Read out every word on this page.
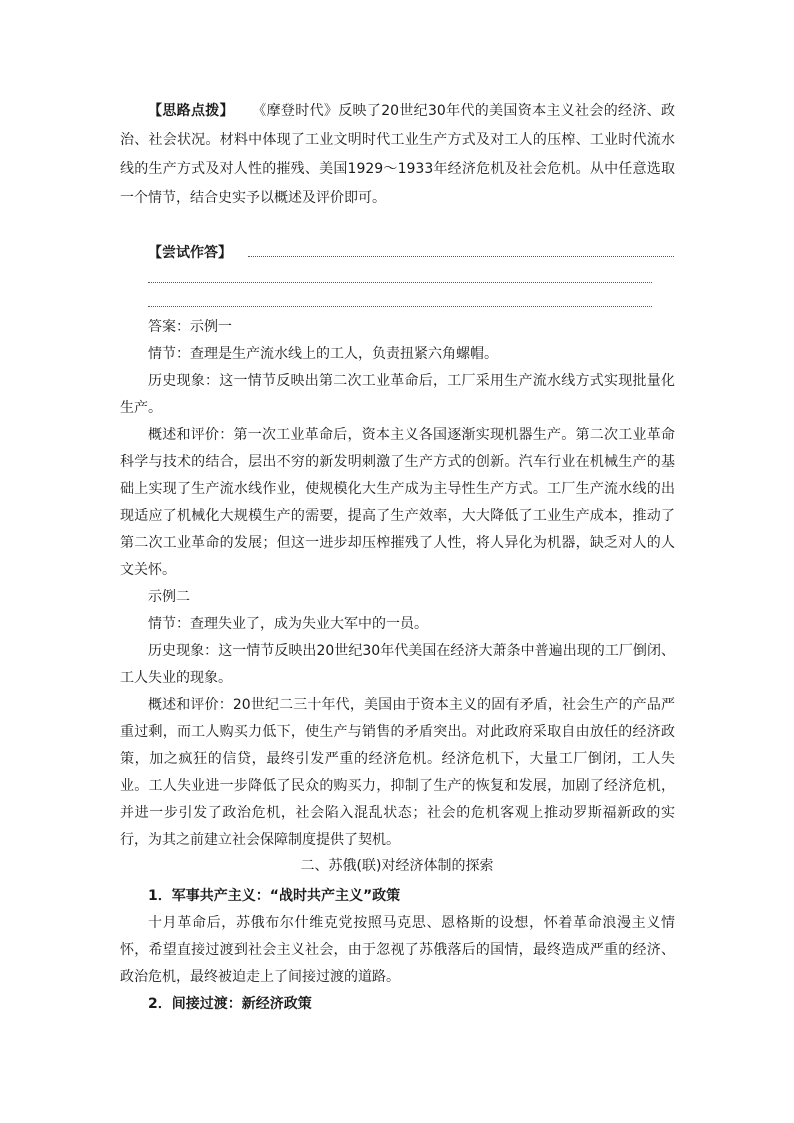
【思路点拨】 《摩登时代》反映了20世纪30年代的美国资本主义社会的经济、政治、社会状况。材料中体现了工业文明时代工业生产方式及对工人的压榨、工业时代流水线的生产方式及对人性的摧残、美国1929～1933年经济危机及社会危机。从中任意选取一个情节，结合史实予以概述及评价即可。

【尝试作答】

答案：示例一

情节：查理是生产流水线上的工人，负责扭紧六角螺帽。

历史现象：这一情节反映出第二次工业革命后，工厂采用生产流水线方式实现批量化生产。

概述和评价：第一次工业革命后，资本主义各国逐渐实现机器生产。第二次工业革命科学与技术的结合，层出不穷的新发明刺激了生产方式的创新。汽车行业在机械生产的基础上实现了生产流水线作业，使规模化大生产成为主导性生产方式。工厂生产流水线的出现适应了机械化大规模生产的需要，提高了生产效率，大大降低了工业生产成本，推动了第二次工业革命的发展；但这一进步却压榨摧残了人性，将人异化为机器，缺乏对人的人文关怀。

示例二

情节：查理失业了，成为失业大军中的一员。

历史现象：这一情节反映出20世纪30年代美国在经济大萧条中普遍出现的工厂倒闭、工人失业的现象。

概述和评价：20世纪二三十年代，美国由于资本主义的固有矛盾，社会生产的产品严重过剩，而工人购买力低下，使生产与销售的矛盾突出。对此政府采取自由放任的经济政策，加之疯狂的信贷，最终引发严重的经济危机。经济危机下，大量工厂倒闭，工人失业。工人失业进一步降低了民众的购买力，抑制了生产的恢复和发展，加剧了经济危机，并进一步引发了政治危机，社会陷入混乱状态；社会的危机客观上推动罗斯福新政的实行，为其之前建立社会保障制度提供了契机。

二、苏俄(联)对经济体制的探索

1．军事共产主义：“战时共产主义”政策

十月革命后，苏俄布尔什维克党按照马克思、恩格斯的设想，怀着革命浪漫主义情怀，希望直接过渡到社会主义社会，由于忽视了苏俄落后的国情，最终造成严重的经济、政治危机，最终被迫走上了间接过渡的道路。

2．间接过渡：新经济政策
